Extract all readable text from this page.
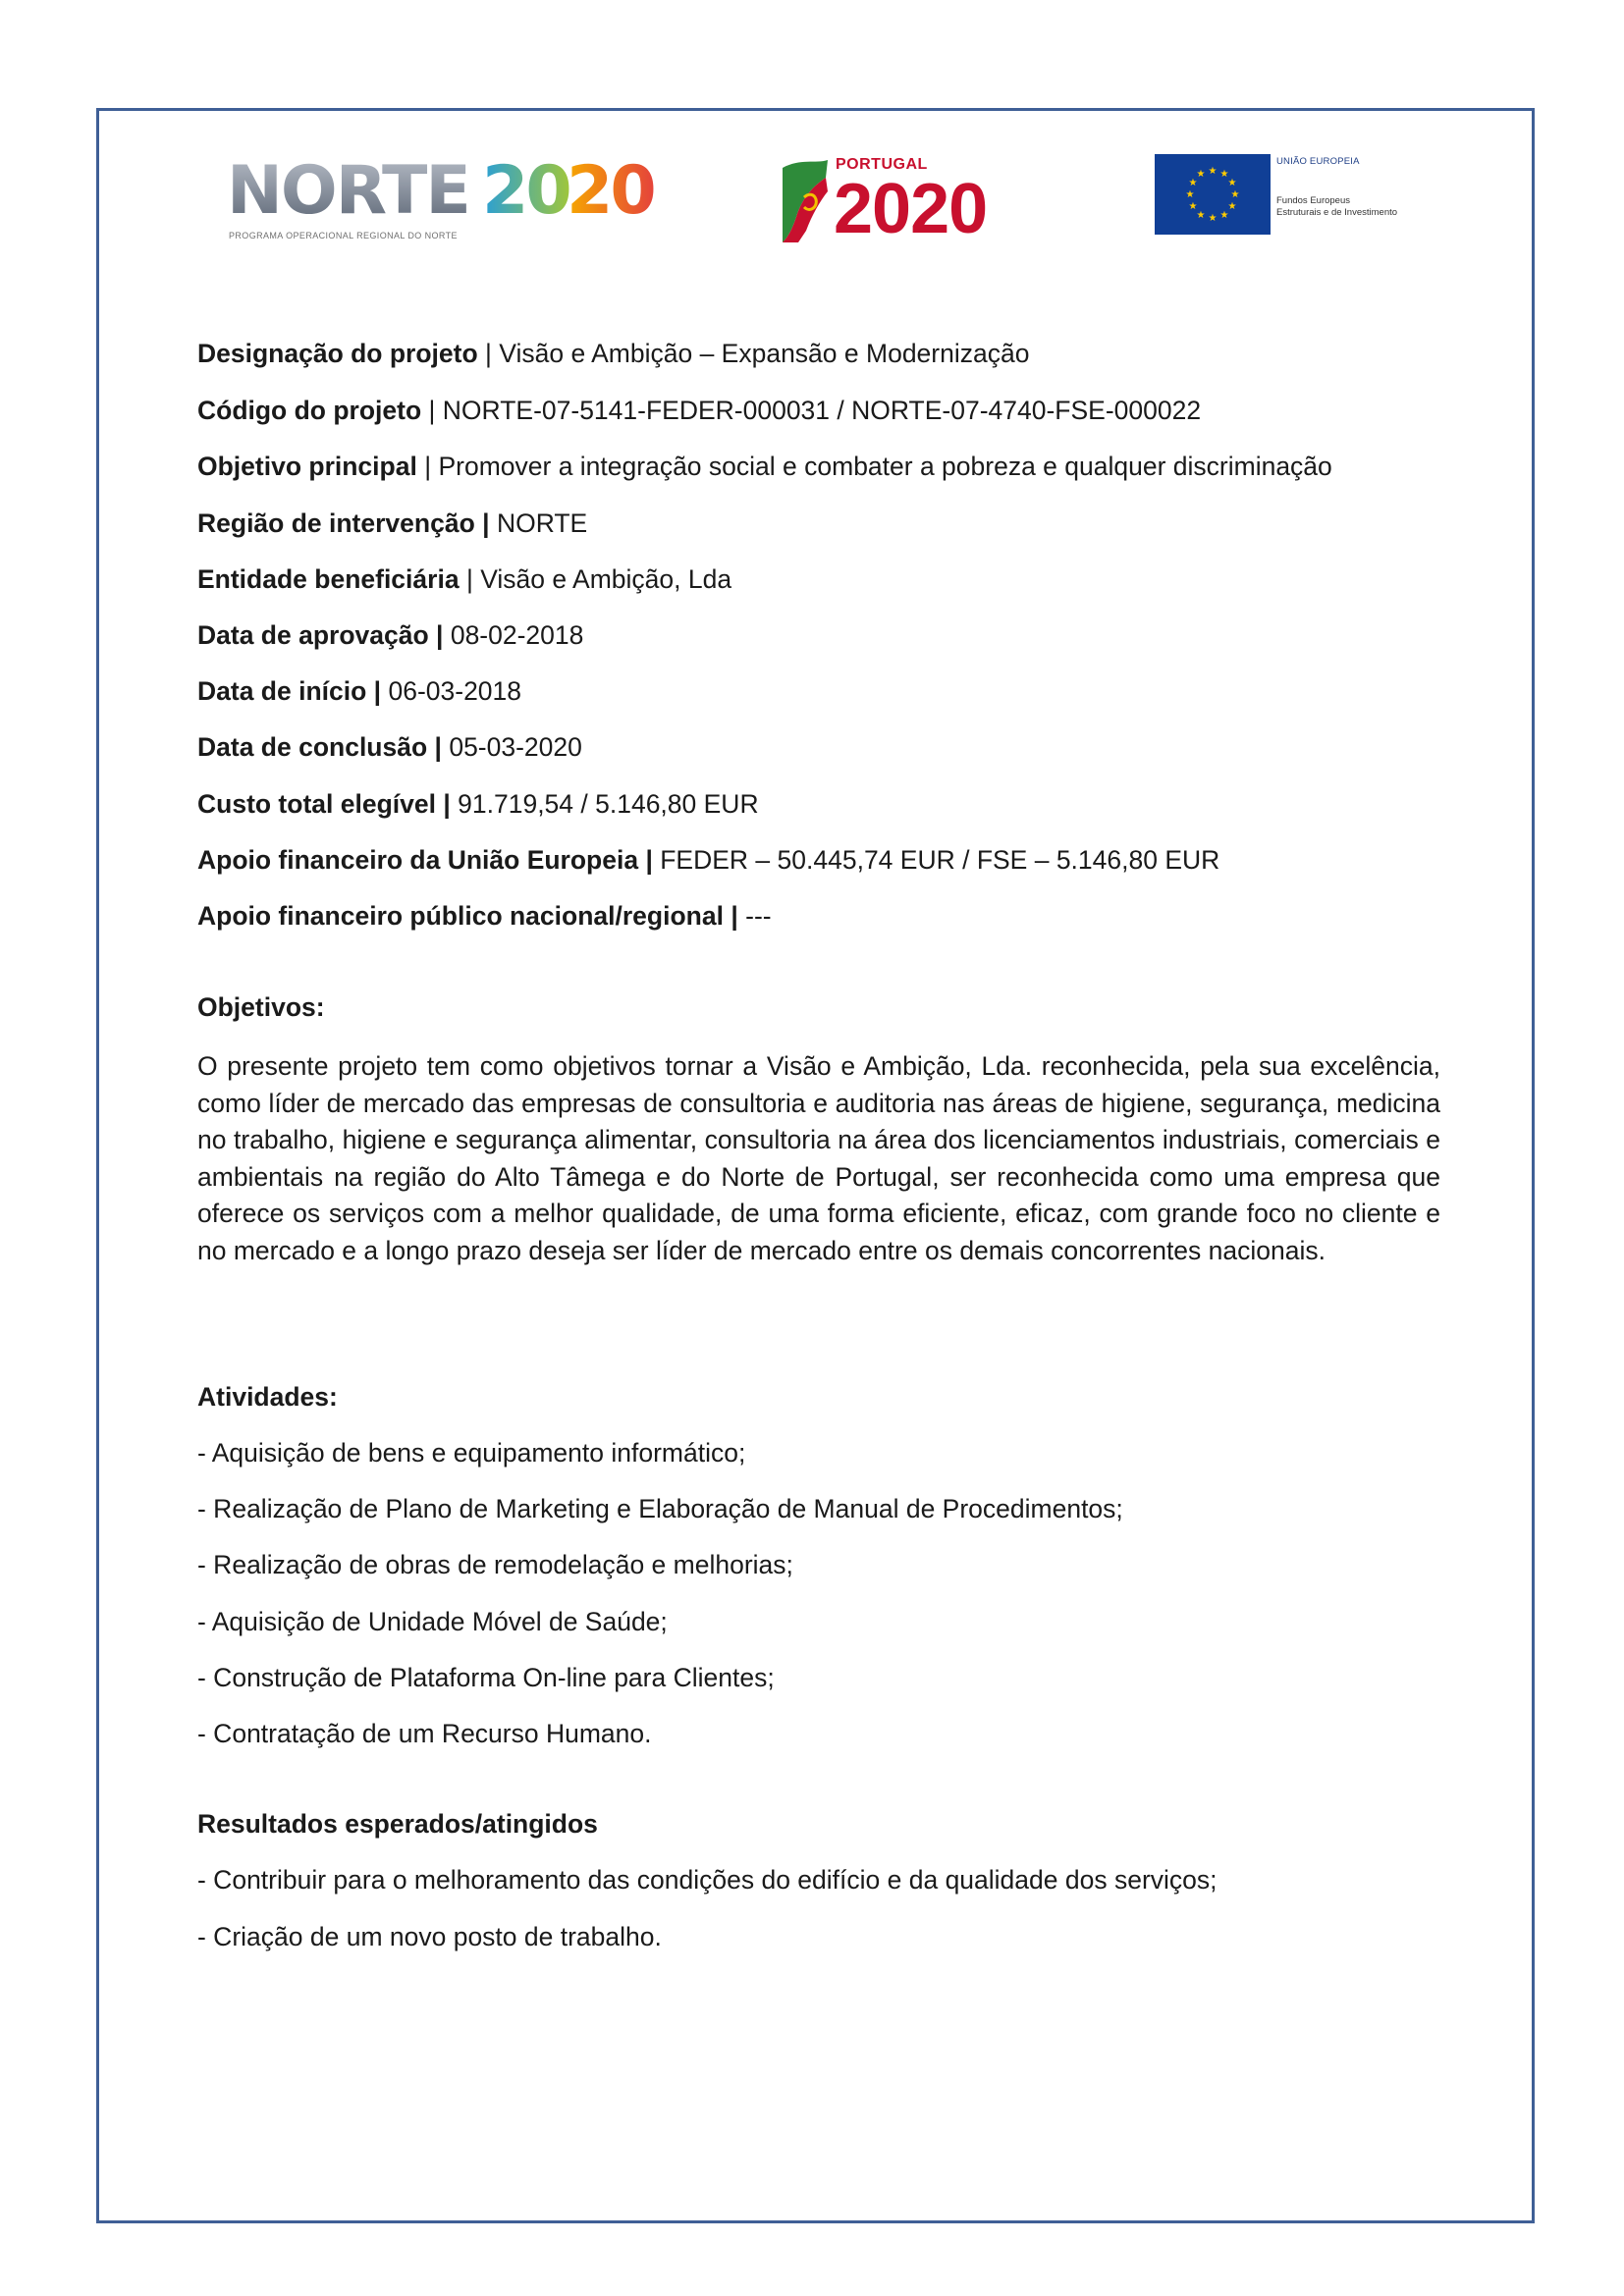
NORTE 20
20
PROGRAMA OPERACIONAL REGIONAL DO NORTE
PORTUGAL
2020	★ ★
★
★
★
★
★
★
★
★
★
★
UNIÃO EUROPEIA
Fundos Europeus
Estruturais e de Investimento
Designação do projeto | Visão e Ambição – Expansão e Modernização
Código do projeto | NORTE-07-5141-FEDER-000031 / NORTE-07-4740-FSE-000022
Objetivo principal | Promover a integração social e combater a pobreza e qualquer discriminação
Região de intervenção | NORTE
Entidade beneficiária | Visão e Ambição, Lda
Data de aprovação | 08-02-2018
Data de início | 06-03-2018
Data de conclusão | 05-03-2020
Custo total elegível | 91.719,54 / 5.146,80 EUR
Apoio financeiro da União Europeia | FEDER – 50.445,74 EUR / FSE – 5.146,80 EUR
Apoio financeiro público nacional/regional | ---
Objetivos:
O presente projeto tem como objetivos tornar a Visão e Ambição, Lda. reconhecida, pela sua excelência, como líder de mercado das empresas de consultoria e auditoria nas áreas de higiene, segurança, medicina no trabalho, higiene e segurança alimentar, consultoria na área dos licenciamentos industriais, comerciais e ambientais na região do Alto Tâmega e do Norte de Portugal, ser reconhecida como uma empresa que oferece os serviços com a melhor qualidade, de uma forma eficiente, eficaz, com grande foco no cliente e no mercado e a longo prazo deseja ser líder de mercado entre os demais concorrentes nacionais.
Atividades:
- Aquisição de bens e equipamento informático;
- Realização de Plano de Marketing e Elaboração de Manual de Procedimentos;
- Realização de obras de remodelação e melhorias;
- Aquisição de Unidade Móvel de Saúde;
- Construção de Plataforma On-line para Clientes;
- Contratação de um Recurso Humano.
Resultados esperados/atingidos
- Contribuir para o melhoramento das condições do edifício e da qualidade dos serviços;
- Criação de um novo posto de trabalho.
